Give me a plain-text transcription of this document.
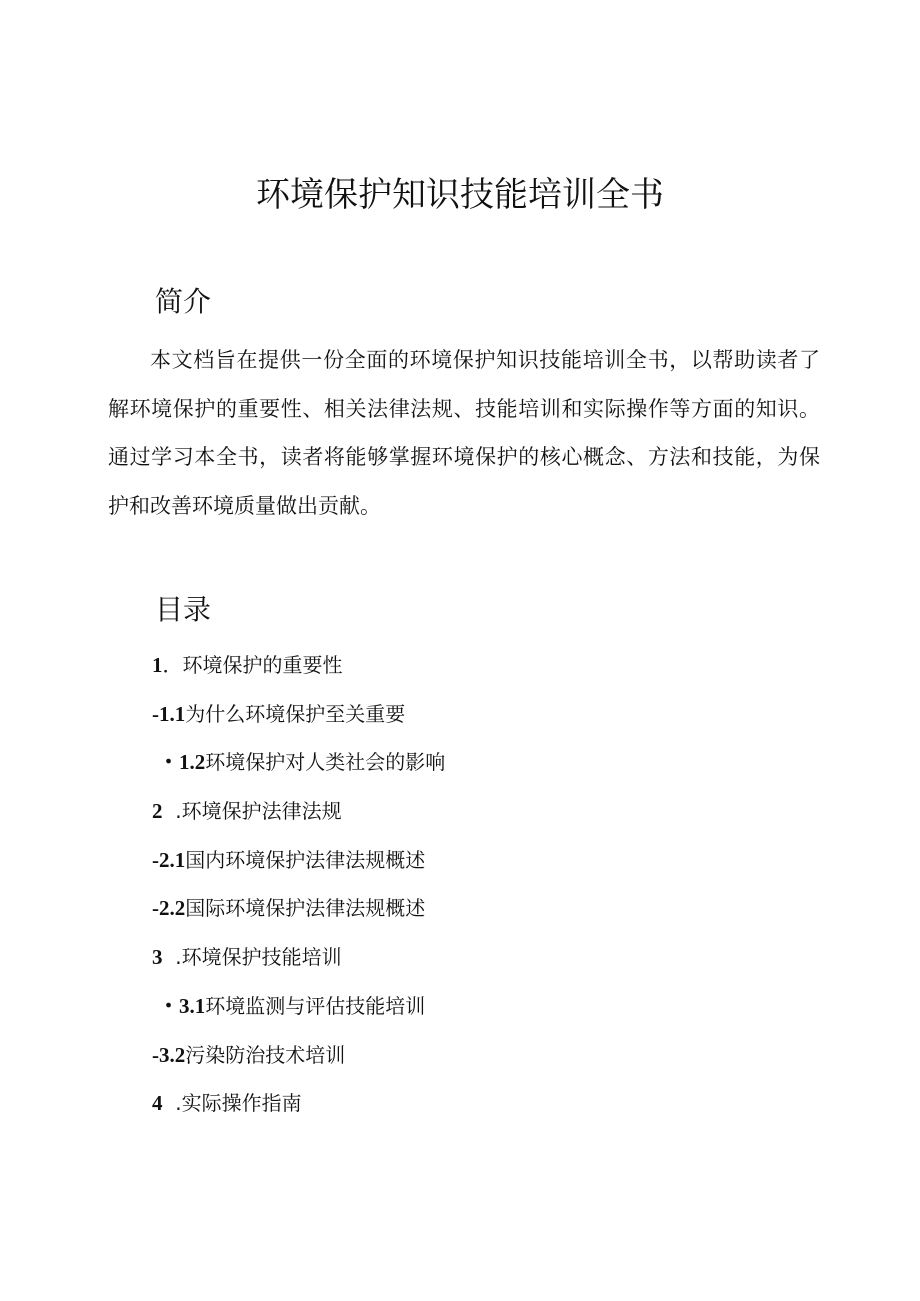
环境保护知识技能培训全书
简介

本文档旨在提供一份全面的环境保护知识技能培训全书，以帮助读者了解环境保护的重要性、相关法律法规、技能培训和实际操作等方面的知识。通过学习本全书，读者将能够掌握环境保护的核心概念、方法和技能，为保护和改善环境质量做出贡献。

目录
1．环境保护的重要性
-1.1为什么环境保护至关重要
・1.2环境保护对人类社会的影响
2  .环境保护法律法规
-2.1国内环境保护法律法规概述
-2.2国际环境保护法律法规概述
3  .环境保护技能培训
・3.1环境监测与评估技能培训
-3.2污染防治技术培训
4  .实际操作指南
